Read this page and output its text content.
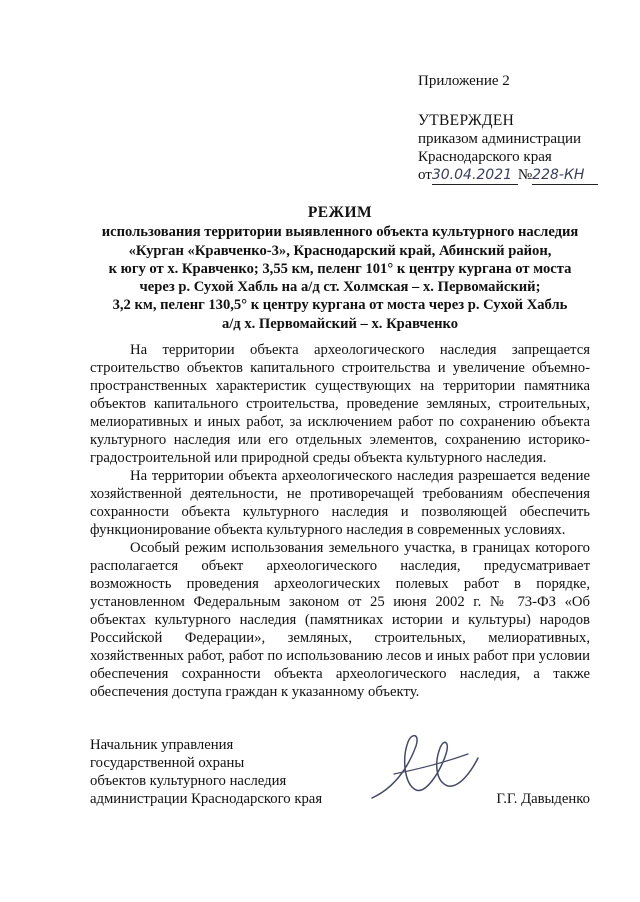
Приложение 2
УТВЕРЖДЕН
приказом администрации
Краснодарского края
от30.04.2021 №228-КН
РЕЖИМ
использования территории выявленного объекта культурного наследия
«Курган «Кравченко-3», Краснодарский край, Абинский район,
к югу от х. Кравченко; 3,55 км, пеленг 101° к центру кургана от моста
через р. Сухой Хабль на а/д ст. Холмская – х. Первомайский;
3,2 км, пеленг 130,5° к центру кургана от моста через р. Сухой Хабль
а/д х. Первомайский – х. Кравченко

На территории объекта археологического наследия запрещается строительство объектов капитального строительства и увеличение объемно-пространственных характеристик существующих на территории памятника объектов капитального строительства, проведение земляных, строительных, мелиоративных и иных работ, за исключением работ по сохранению объекта культурного наследия или его отдельных элементов, сохранению историко-градостроительной или природной среды объекта культурного наследия.

На территории объекта археологического наследия разрешается ведение хозяйственной деятельности, не противоречащей требованиям обеспечения сохранности объекта культурного наследия и позволяющей обеспечить функционирование объекта культурного наследия в современных условиях.

Особый режим использования земельного участка, в границах которого располагается объект археологического наследия, предусматривает возможность проведения археологических полевых работ в порядке, установленном Федеральным законом от 25 июня 2002 г. № 73-ФЗ «Об объектах культурного наследия (памятниках истории и культуры) народов Российской Федерации», земляных, строительных, мелиоративных, хозяйственных работ, работ по использованию лесов и иных работ при условии обеспечения сохранности объекта археологического наследия, а также обеспечения доступа граждан к указанному объекту.

Начальник управления
государственной охраны
объектов культурного наследия
администрации Краснодарского края	Г.Г. Давыденко
